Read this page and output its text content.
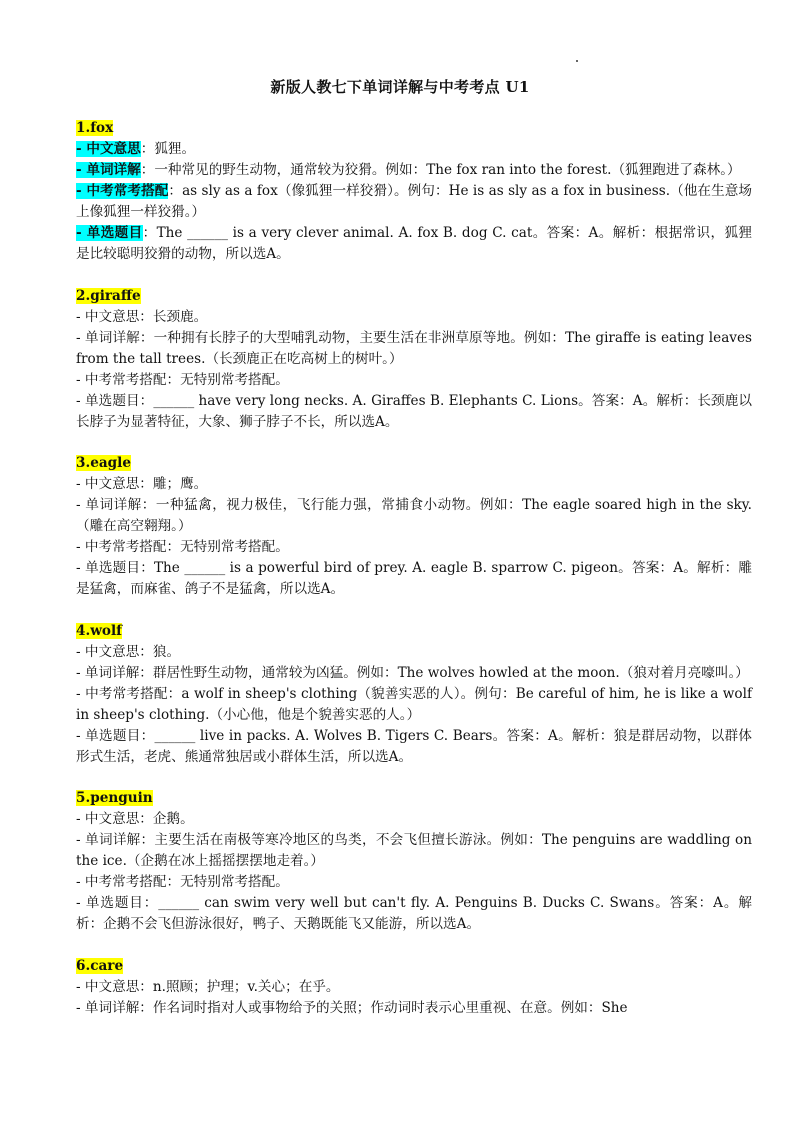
新版人教七下单词详解与中考考点 U1
1.fox
- 中文意思：狐狸。
- 单词详解：一种常见的野生动物，通常较为狡猾。例如：The fox ran into the forest.（狐狸跑进了森林。）
- 中考常考搭配：as sly as a fox（像狐狸一样狡猾）。例句：He is as sly as a fox in business.（他在生意场上像狐狸一样狡猾。）
- 单选题目：The ______ is a very clever animal. A. fox B. dog C. cat。答案：A。解析：根据常识，狐狸是比较聪明狡猾的动物，所以选A。
2.giraffe
- 中文意思：长颈鹿。
- 单词详解：一种拥有长脖子的大型哺乳动物，主要生活在非洲草原等地。例如：The giraffe is eating leaves from the tall trees.（长颈鹿正在吃高树上的树叶。）
- 中考常考搭配：无特别常考搭配。
- 单选题目：______ have very long necks. A. Giraffes B. Elephants C. Lions。答案：A。解析：长颈鹿以长脖子为显著特征，大象、狮子脖子不长，所以选A。
3.eagle
- 中文意思：雕；鹰。
- 单词详解：一种猛禽，视力极佳，飞行能力强，常捕食小动物。例如：The eagle soared high in the sky.（雕在高空翱翔。）
- 中考常考搭配：无特别常考搭配。
- 单选题目：The ______ is a powerful bird of prey. A. eagle B. sparrow C. pigeon。答案：A。解析：雕是猛禽，而麻雀、鸽子不是猛禽，所以选A。
4.wolf
- 中文意思：狼。
- 单词详解：群居性野生动物，通常较为凶猛。例如：The wolves howled at the moon.（狼对着月亮嚎叫。）
- 中考常考搭配：a wolf in sheep's clothing（貌善实恶的人）。例句：Be careful of him, he is like a wolf in sheep's clothing.（小心他，他是个貌善实恶的人。）
- 单选题目：______ live in packs. A. Wolves B. Tigers C. Bears。答案：A。解析：狼是群居动物，以群体形式生活，老虎、熊通常独居或小群体生活，所以选A。
5.penguin
- 中文意思：企鹅。
- 单词详解：主要生活在南极等寒冷地区的鸟类，不会飞但擅长游泳。例如：The penguins are waddling on the ice.（企鹅在冰上摇摇摆摆地走着。）
- 中考常考搭配：无特别常考搭配。
- 单选题目：______ can swim very well but can't fly. A. Penguins B. Ducks C. Swans。答案：A。解析：企鹅不会飞但游泳很好，鸭子、天鹅既能飞又能游，所以选A。
6.care
- 中文意思：n.照顾；护理；v.关心；在乎。
- 单词详解：作名词时指对人或事物给予的关照；作动词时表示心里重视、在意。例如：She
